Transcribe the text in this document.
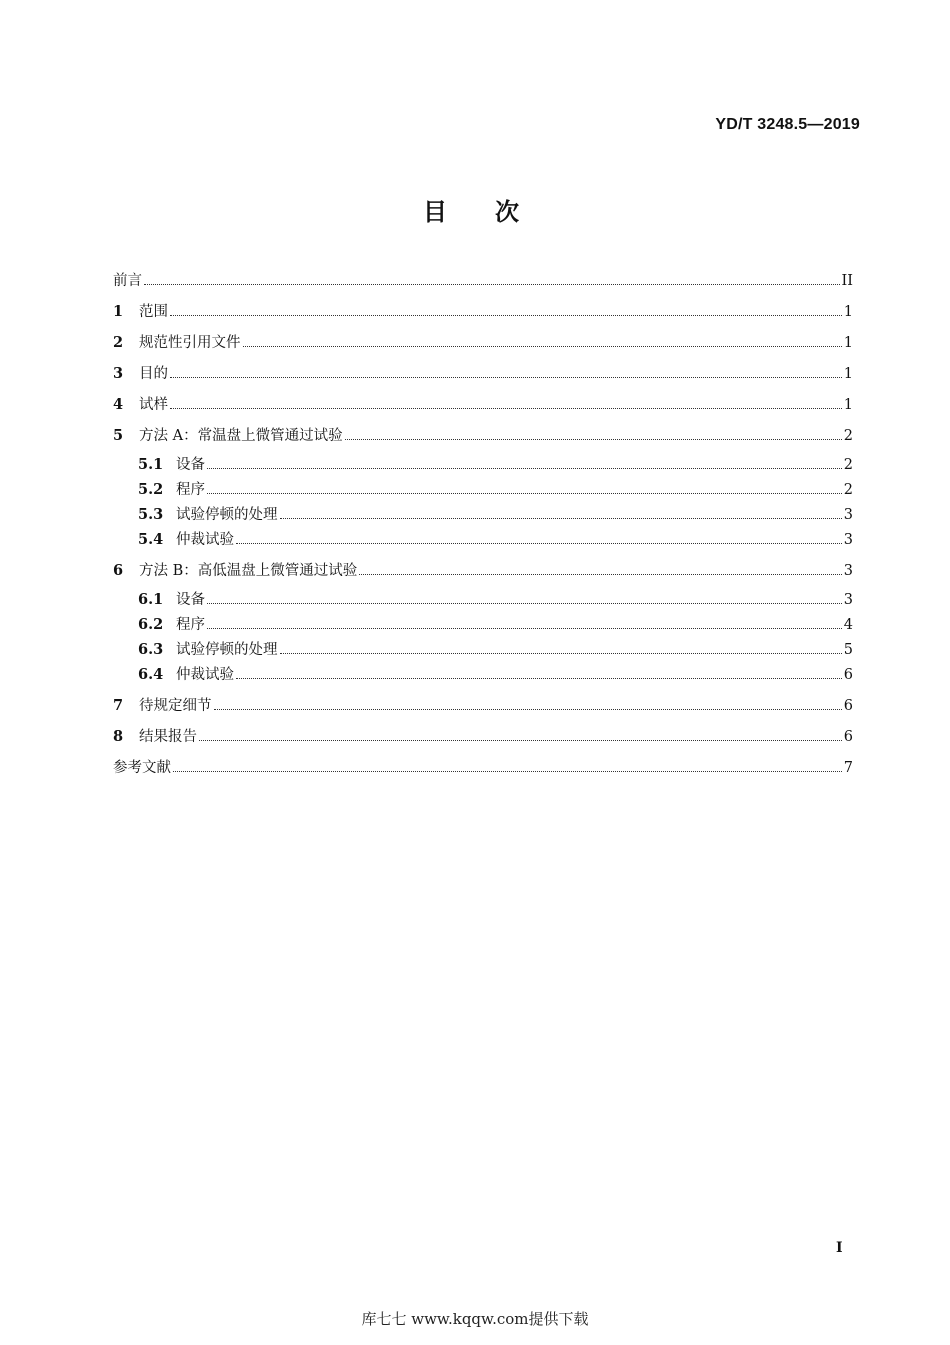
YD/T 3248.5—2019
目次
前言	II
1	范围	1
2	规范性引用文件	1
3	目的	1
4	试样	1
5	方法 A：常温盘上微管通过试验	2
5.1 设备	2
5.2 程序	2
5.3 试验停顿的处理	3
5.4 仲裁试验	3
6	方法 B：高低温盘上微管通过试验	3
6.1 设备	3
6.2 程序	4
6.3 试验停顿的处理	5
6.4 仲裁试验	6
7	待规定细节	6
8	结果报告	6
参考文献	7
I
库七七 www.kqqw.com提供下载
